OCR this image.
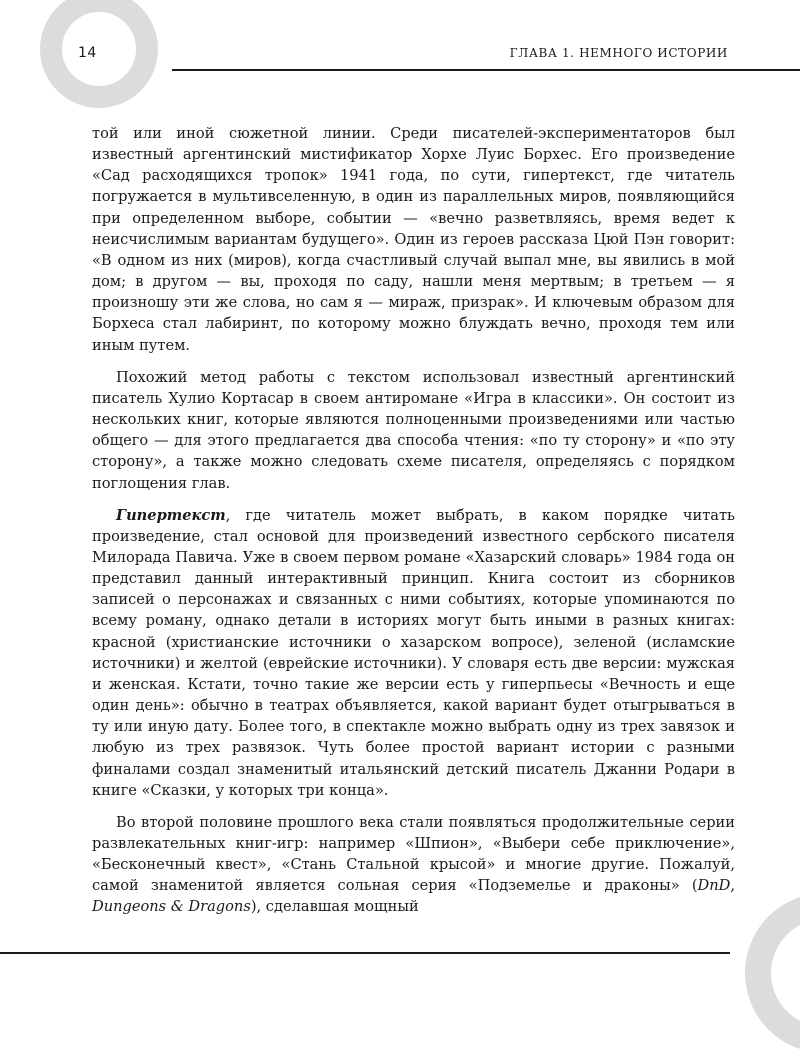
14	ГЛАВА 1. НЕМНОГО ИСТОРИИ

той или иной сюжетной линии. Среди писателей-экспериментаторов был известный аргентинский мистификатор Хорхе Луис Борхес. Его произведение «Сад расходящихся тропок» 1941 года, по сути, гипертекст, где читатель погружается в мультивселенную, в один из параллельных миров, появляющийся при определенном выборе, событии — «вечно разветвляясь, время ведет к неисчислимым вариантам будущего». Один из героев рассказа Цюй Пэн говорит: «В одном из них (миров), когда счастливый случай выпал мне, вы явились в мой дом; в другом — вы, проходя по саду, нашли меня мертвым; в третьем — я произношу эти же слова, но сам я — мираж, призрак». И ключевым образом для Борхеса стал лабиринт, по которому можно блуждать вечно, проходя тем или иным путем.

Похожий метод работы с текстом использовал известный аргентинский писатель Хулио Кортасар в своем антиромане «Игра в классики». Он состоит из нескольких книг, которые являются полноценными произведениями или частью общего — для этого предлагается два способа чтения: «по ту сторону» и «по эту сторону», а также можно следовать схеме писателя, определяясь с порядком поглощения глав.

Гипертекст, где читатель может выбрать, в каком порядке читать произведение, стал основой для произведений известного сербского писателя Милорада Павича. Уже в своем первом романе «Хазарский словарь» 1984 года он представил данный интерактивный принцип. Книга состоит из сборников записей о персонажах и связанных с ними событиях, которые упоминаются по всему роману, однако детали в историях могут быть иными в разных книгах: красной (христианские источники о хазарском вопросе), зеленой (исламские источники) и желтой (еврейские источники). У словаря есть две версии: мужская и женская. Кстати, точно такие же версии есть у гиперпьесы «Вечность и еще один день»: обычно в театрах объявляется, какой вариант будет отыгрываться в ту или иную дату. Более того, в спектакле можно выбрать одну из трех завязок и любую из трех развязок. Чуть более простой вариант истории с разными финалами создал знаменитый итальянский детский писатель Джанни Родари в книге «Сказки, у которых три конца».

Во второй половине прошлого века стали появляться продолжительные серии развлекательных книг-игр: например «Шпион», «Выбери себе приключение», «Бесконечный квест», «Стань Стальной крысой» и многие другие. Пожалуй, самой знаменитой является сольная серия «Подземелье и драконы» (DnD, Dungeons & Dragons), сделавшая мощный
